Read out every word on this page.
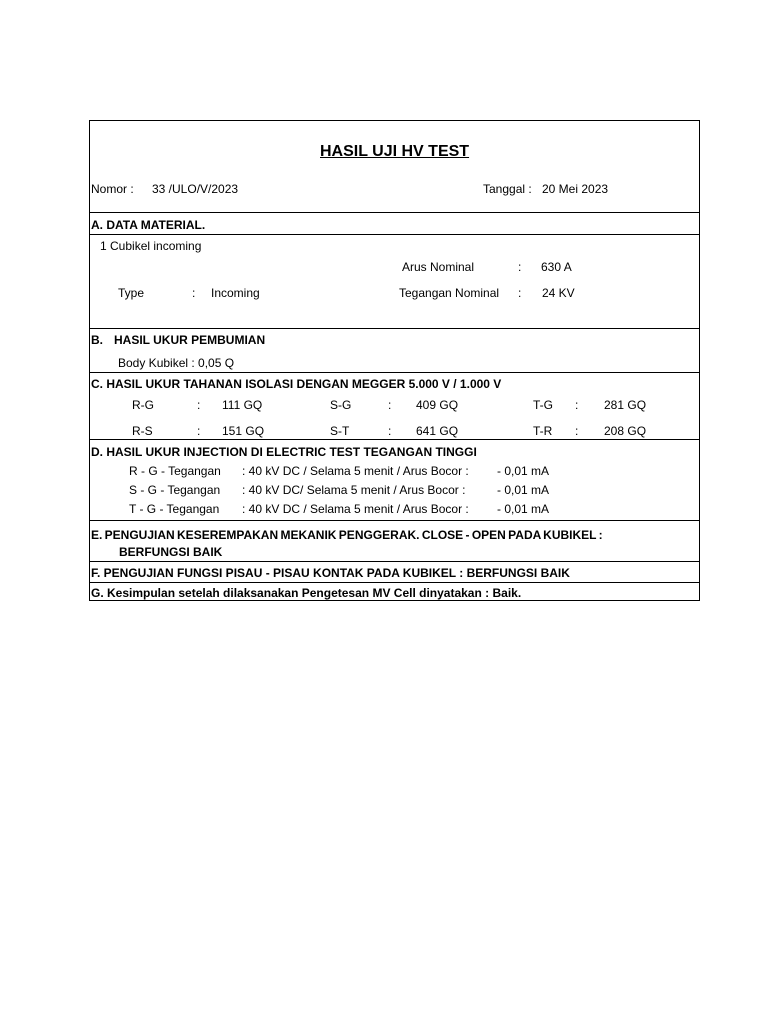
HASIL UJI HV TEST
Nomor : 33 /ULO/V/2023	Tanggal : 20 Mei 2023
A. DATA MATERIAL.
1 Cubikel incoming
Arus Nominal	: 630 A
Type	: Incoming	Tegangan Nominal : 24 KV
B. HASIL UKUR PEMBUMIAN
Body Kubikel : 0,05 Q
C. HASIL UKUR TAHANAN ISOLASI DENGAN MEGGER 5.000 V / 1.000 V
R-G	: 111 GQ	S-G	: 409 GQ	T-G : 281 GQ
R-S	: 151 GQ	S-T	: 641 GQ	T-R : 208 GQ
D. HASIL UKUR INJECTION DI ELECTRIC TEST TEGANGAN TINGGI
R - G - Tegangan : 40 kV DC / Selama 5 menit / Arus Bocor : - 0,01 mA
S - G - Tegangan : 40 kV DC/ Selama 5 menit / Arus Bocor :	- 0,01 mA
T - G - Tegangan : 40 kV DC / Selama 5 menit / Arus Bocor : - 0,01 mA
E. PENGUJIAN KESEREMPAKAN MEKANIK PENGGERAK. CLOSE - OPEN PADA KUBIKEL :
BERFUNGSI BAIK
F. PENGUJIAN FUNGSI PISAU - PISAU KONTAK PADA KUBIKEL : BERFUNGSI BAIK
G. Kesimpulan setelah dilaksanakan Pengetesan MV Cell dinyatakan : Baik.
